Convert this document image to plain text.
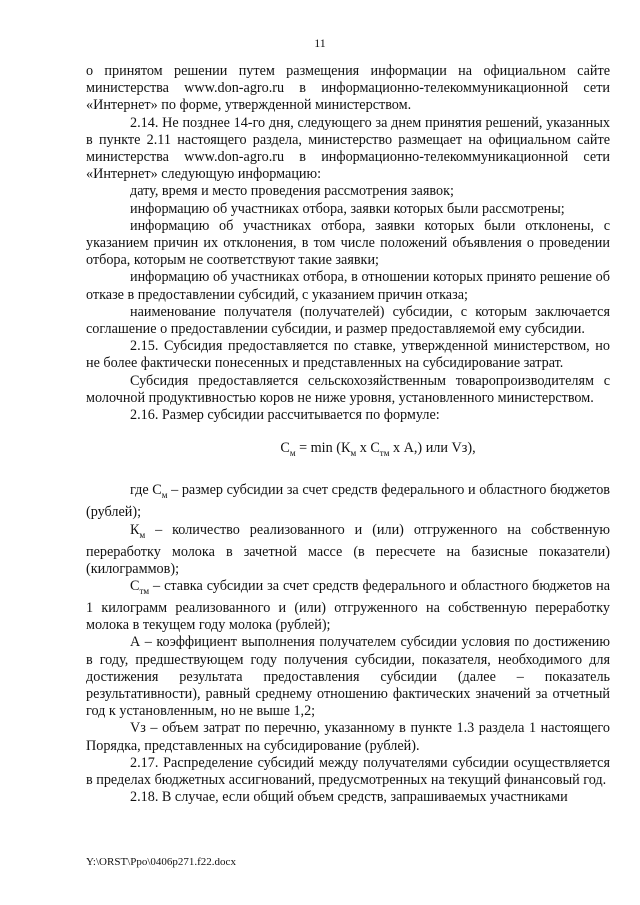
11

о принятом решении путем размещения информации на официальном сайте министерства www.don-agro.ru в информационно-телекоммуникационной сети «Интернет» по форме, утвержденной министерством.

2.14. Не позднее 14-го дня, следующего за днем принятия решений, указанных в пункте 2.11 настоящего раздела, министерство размещает на официальном сайте министерства www.don-agro.ru в информационно-телекоммуникационной сети «Интернет» следующую информацию:

дату, время и место проведения рассмотрения заявок;

информацию об участниках отбора, заявки которых были рассмотрены;

информацию об участниках отбора, заявки которых были отклонены, с указанием причин их отклонения, в том числе положений объявления о проведении отбора, которым не соответствуют такие заявки;

информацию об участниках отбора, в отношении которых принято решение об отказе в предоставлении субсидий, с указанием причин отказа;

наименование получателя (получателей) субсидии, с которым заключается соглашение о предоставлении субсидии, и размер предоставляемой ему субсидии.

2.15. Субсидия предоставляется по ставке, утвержденной министерством, но не более фактически понесенных и представленных на субсидирование затрат.

Субсидия предоставляется сельскохозяйственным товаропроизводителям с молочной продуктивностью коров не ниже уровня, установленного министерством.

2.16. Размер субсидии рассчитывается по формуле:

$С_м = \min (К_м$ х $С_{тм}$ х А,) или Vз),

где $С_м$ – размер субсидии за счет средств федерального и областного бюджетов (рублей);

$К_м$ – количество реализованного и (или) отгруженного на собственную переработку молока в зачетной массе (в пересчете на базисные показатели) (килограммов);

$С_{тм}$ – ставка субсидии за счет средств федерального и областного бюджетов на 1 килограмм реализованного и (или) отгруженного на собственную переработку молока в текущем году молока (рублей);

А – коэффициент выполнения получателем субсидии условия по достижению в году, предшествующем году получения субсидии, показателя, необходимого для достижения результата предоставления субсидии (далее – показатель результативности), равный среднему отношению фактических значений за отчетный год к установленным, но не выше 1,2;

Vз – объем затрат по перечню, указанному в пункте 1.3 раздела 1 настоящего Порядка, представленных на субсидирование (рублей).

2.17. Распределение субсидий между получателями субсидии осуществляется в пределах бюджетных ассигнований, предусмотренных на текущий финансовый год.

2.18. В случае, если общий объем средств, запрашиваемых участниками

Y:\ORST\Ppo\0406p271.f22.docx
